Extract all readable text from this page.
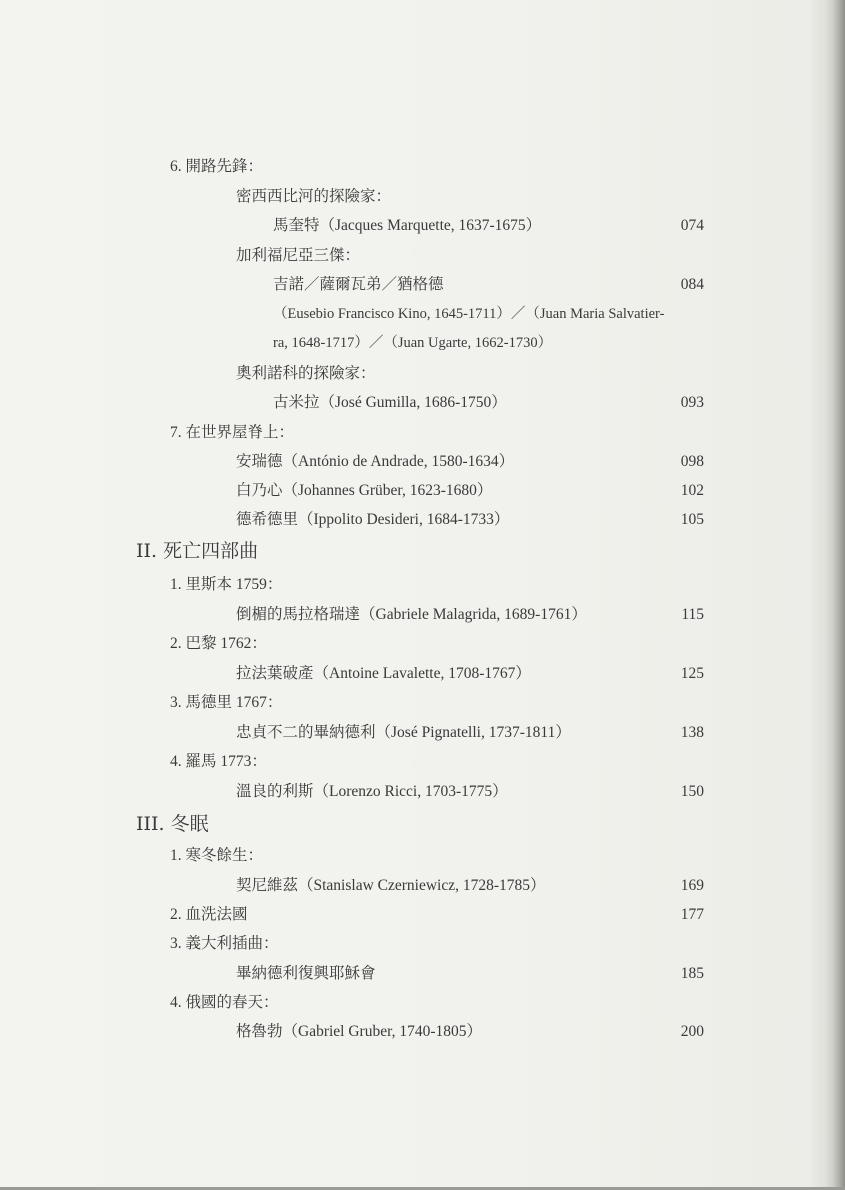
6. 開路先鋒：
密西西比河的探險家：
馬奎特（Jacques Marquette, 1637-1675）	074
加利福尼亞三傑：
吉諾／薩爾瓦弟／猶格德	084
（Eusebio Francisco Kino, 1645-1711）／（Juan Maria Salvatier-
ra, 1648-1717）／（Juan Ugarte, 1662-1730）
奧利諾科的探險家：
古米拉（José Gumilla, 1686-1750）	093
7. 在世界屋脊上：
安瑞德（António de Andrade, 1580-1634）	098
白乃心（Johannes Grüber, 1623-1680）	102
德希德里（Ippolito Desideri, 1684-1733）	105
II. 死亡四部曲
1. 里斯本 1759：
倒楣的馬拉格瑞達（Gabriele Malagrida, 1689-1761）	115
2. 巴黎 1762：
拉法葉破產（Antoine Lavalette, 1708-1767）	125
3. 馬德里 1767：
忠貞不二的畢納德利（José Pignatelli, 1737-1811）	138
4. 羅馬 1773：
溫良的利斯（Lorenzo Ricci, 1703-1775）	150
III. 冬眠
1. 寒冬餘生：
契尼維茲（Stanislaw Czerniewicz, 1728-1785）	169
2. 血洗法國	177
3. 義大利插曲：
畢納德利復興耶穌會	185
4. 俄國的春天：
格魯勃（Gabriel Gruber, 1740-1805）	200
